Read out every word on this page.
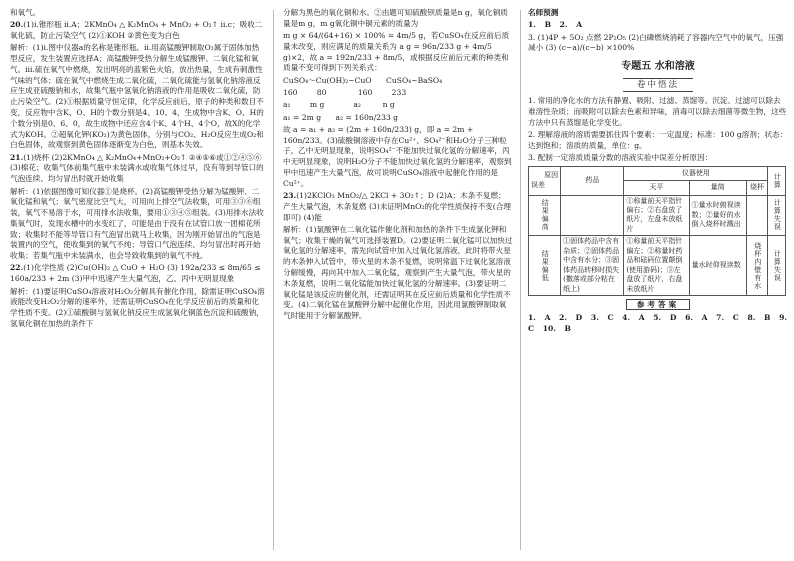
和氧气。

20.(1)ⅰ.锥形瓶 ⅱ.A；2KMnO₄ △ K₂MnO₄ + MnO₂ + O₂↑ ⅱ.c；吸收二氧化硫，防止污染空气 (2)①KOH ②黄色变为白色

解析：(1)ⅰ.图中仪器a的名称是锥形瓶。ⅱ.用高锰酸钾制取O₂属于固体加热型反应，发生装置应选择A；高锰酸钾受热分解生成锰酸钾、二氧化锰和氧气。ⅲ.硫在氧气中燃烧，发出明亮的蓝紫色火焰，放出热量，生成有刺激性气味的气体；硫在氧气中燃烧生成二氧化硫，二氧化硫能与氢氧化钠溶液反应生成亚硫酸钠和水，故集气瓶中氢氧化钠溶液的作用是吸收二氧化硫，防止污染空气。(2)①根据质量守恒定律，化学反应前后，原子的种类和数目不变，反应物中含K、O、H的个数分别是4、10、4，生成物中含K、O、H的个数分别是0、6、0，故生成物中还应含4个K、4个H、4个O，故X的化学式为KOH。②超氧化钾(KO₂)为黄色固体，分别与CO₂、H₂O反应生成O₂和白色固体，故观察到黄色固体逐渐变为白色，则基本失效。

21.(1)烧杯 (2)2KMnO₄ △ K₂MnO₄+MnO₂+O₂↑ ②④⑤⑥或①②④⑤⑥ (3)棉花；收集气体前集气瓶中未装满水或收集气体过早，没有等到导管口的气泡连续、均匀冒出时就开始收集

解析：(1)依据图像可知仪器①是烧杯。(2)高锰酸钾受热分解为锰酸钾、二氧化锰和氧气；氧气密度比空气大，可用向上排空气法收集，可用③③⑥组装，氧气不易溶于水，可用排水法收集，要用①③④⑤组装。(3)用排水法收集氧气时，发现水槽中的水变红了，可能是由于没有在试管口放一团棉花所致；收集时不能等导管口有气泡冒出就马上收集，因为刚开始冒出的气泡是装置内的空气，使收集到的氧气不纯；导管口气泡连续、均匀冒出时再开始收集；若集气瓶中未装满水，也会导致收集到的氧气不纯。

22.(1)化学性质 (2)Cu(OH)₂ △ CuO + H₂O (3) 192a/233 ≤ 8m/65 ≤ 160a/233 + 2m (3)甲中迅速产生大量气泡，乙、丙中无明显现象

解析：(1)要证明CuSO₄溶液对H₂O₂分解具有催化作用，除需证明CuSO₄溶液能改变H₂O₂分解的速率外，还需证明CuSO₄在化学反应前后的质量和化学性质不变。(2)①硫酸铜与氢氧化钠反应生成氢氧化铜蓝色沉淀和硫酸钠，氢氧化铜在加热的条件下

分解为黑色的氧化铜和水。②由题可知硫酸钡质量是n g，氧化铜质量是m g，m g氧化铜中铜元素的质量为

m g × 64/(64+16) × 100% = 4m/5 g，若CuSO₄在反应前后质量未改变，则应满足的质量关系为 a g = 96n/233 g + 4m/5 g)×2，故 a = 192n/233 + 8m/5，或根据反应前后元素的种类和质量不变可得到下列关系式：

CuSO₄～Cu(OH)₂~CuO      CuSO₄~BaSO₄

160        80             160        233

a₁        m g            a₂         n g

a₁ = 2m g      a₂ = 160n/233 g

故 a = a₁ + a₂ = (2m + 160n/233) g，即 a = 2m + 160n/233。(3)硫酸铜溶液中存在Cu²⁺、SO₄²⁻和H₂O分子三种粒子，乙中无明显现象，说明SO₄²⁻不能加快过氧化氢的分解速率，丙中无明显现象，说明H₂O分子不能加快过氧化氢的分解速率，观察到甲中迅速产生大量气泡，故可说明CuSO₄溶液中起催化作用的是Cu²⁺。

23.(1)2KClO₃ MnO₂/△ 2KCl + 3O₂↑；D (2)A；木条不复燃；产生大量气泡，木条复燃 (3)未证明MnO₂的化学性质保持不变(合理即可) (4)能

解析：(1)氯酸钾在二氧化锰作催化剂和加热的条件下生成氯化钾和氧气；收集干燥的氧气可选择装置D。(2)要证明二氧化锰可以加快过氧化氢的分解速率，需先向试管中加入过氧化氢溶液，此时将带火星的木条伸入试管中，带火星的木条不复燃，说明常温下过氧化氢溶液分解缓慢，再向其中加入二氧化锰，观察到产生大量气泡，带火星的木条复燃，说明二氧化锰能加快过氧化氢的分解速率。(3)要证明二氧化锰是该反应的催化剂，还需证明其在反应前后质量和化学性质不变。(4)二氧化锰在氯酸钾分解中起催化作用，因此用氯酸钾制取氧气时能用于分解氯酸钾。

名师预测

1. B 2. A

3. (1)4P + 5O₂ 点燃 2P₂O₅ (2)白磷燃烧消耗了容器内空气中的氧气，压强减小 (3) (c−a)/(c−b) ×100%

专题五 水和溶液
卷中悟法

1. 常用的净化水的方法有静置、吸附、过滤、蒸馏等。沉淀、过滤可以除去难溶性杂质；而吸附可以除去色素和异味，消毒可以除去细菌等微生物，这些方法中只有蒸馏是化学变化。

2. 理解溶液的溶质需要抓住四个要素：一定温度；标准：100 g溶剂；状态：达到饱和；溶质的质量，单位：g。

3. 配制一定溶质质量分数的溶液实验中误差分析原因：

原因
误差	药品	仪器使用			计算
		天平	量筒	烧杯	
结果偏高		①称量前天平指针偏右；②右盘放了纸片，左盘未放纸片	①量水时俯视读数；②量好的水倒入烧杯时溅出		计算失误
结果偏低	①固体药品中含有杂质；②固体药品中含有水分；③固体药品转移时损失(撒落或部分粘在纸上)	①称量前天平指针偏左；②称量时药品和砝码位置颠倒(使用游码)；③左盘放了纸片，右盘未放纸片	量水时仰视读数	烧杯内壁有水	计算失误
参考答案

1. A 2. D 3. C 4. A 5. D 6. A 7. C 8. B 9. C 10. B
